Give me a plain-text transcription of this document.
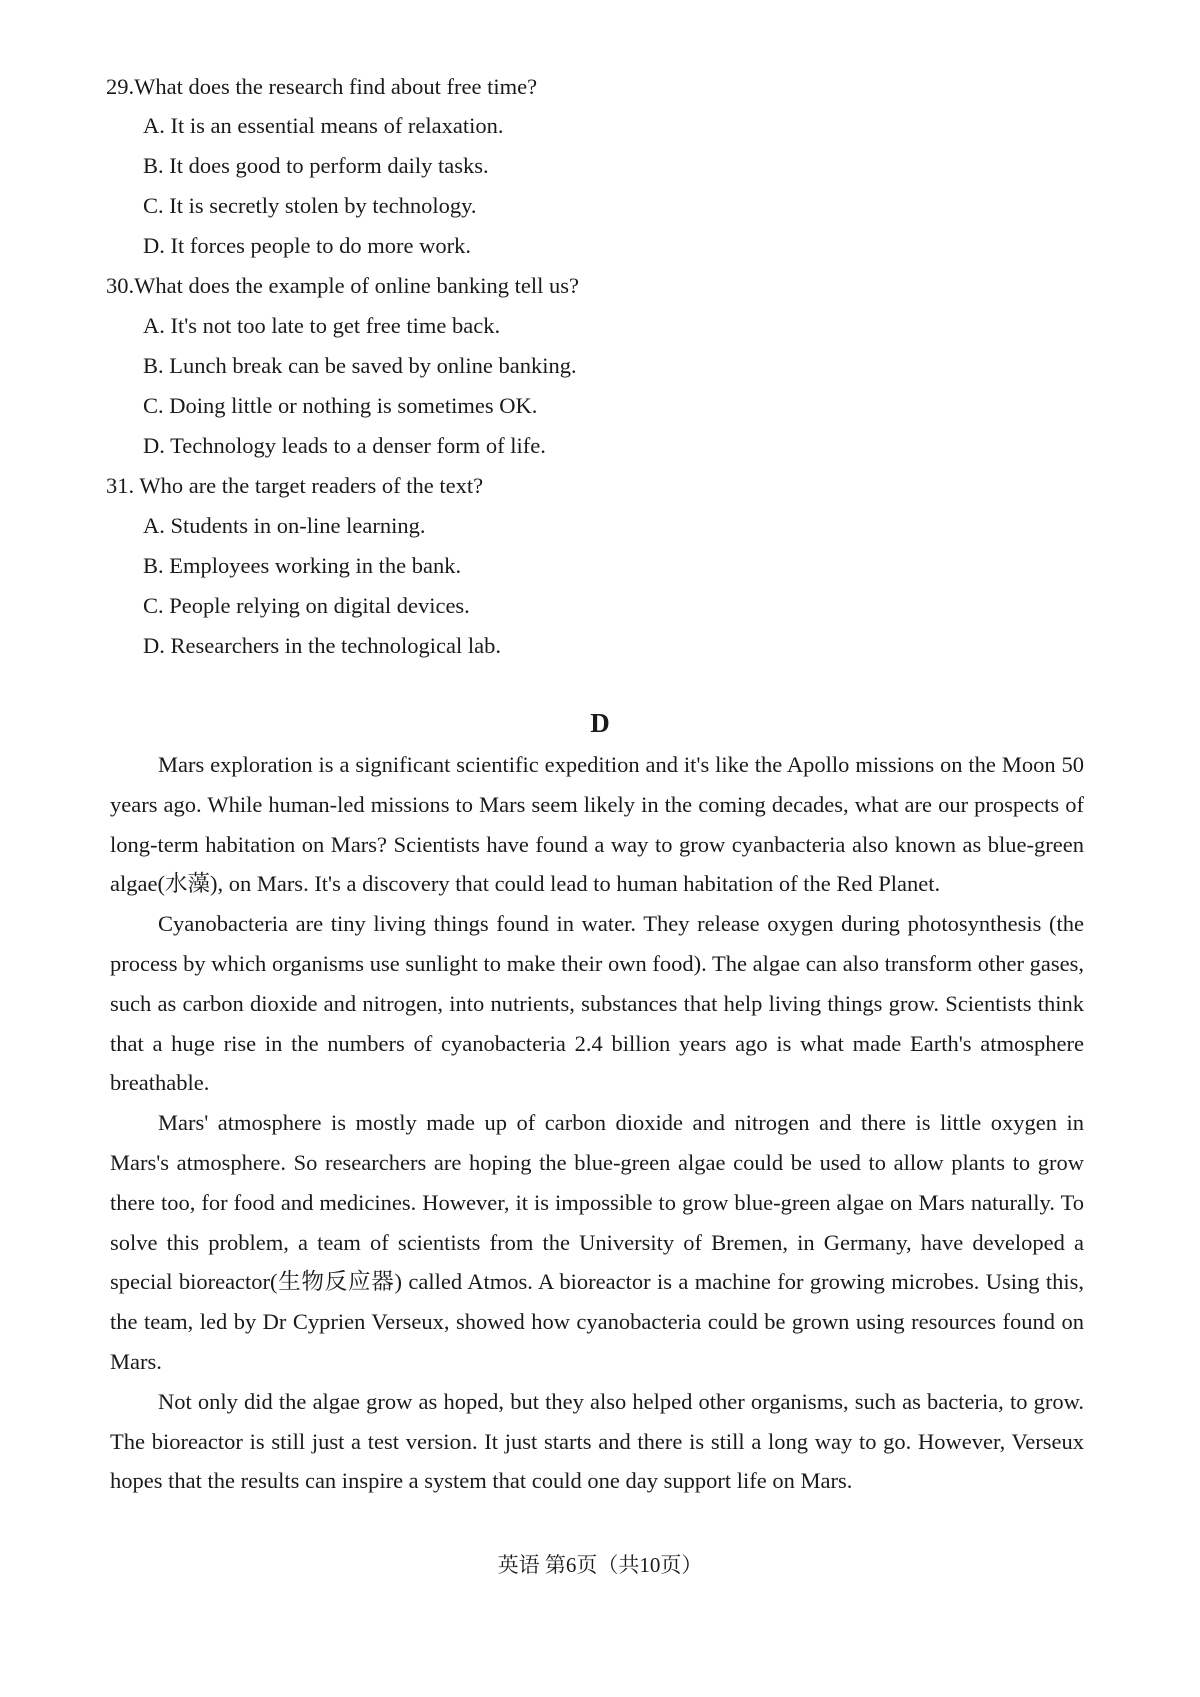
29.What does the research find about free time?
A. It is an essential means of relaxation.
B. It does good to perform daily tasks.
C. It is secretly stolen by technology.
D. It forces people to do more work.
30.What does the example of online banking tell us?
A. It's not too late to get free time back.
B. Lunch break can be saved by online banking.
C. Doing little or nothing is sometimes OK.
D. Technology leads to a denser form of life.
31. Who are the target readers of the text?
A. Students in on-line learning.
B. Employees working in the bank.
C. People relying on digital devices.
D. Researchers in the technological lab.
D

Mars exploration is a significant scientific expedition and it's like the Apollo missions on the Moon 50 years ago. While human-led missions to Mars seem likely in the coming decades, what are our prospects of long-term habitation on Mars? Scientists have found a way to grow cyanbacteria also known as blue-green algae(水藻), on Mars. It's a discovery that could lead to human habitation of the Red Planet.

Cyanobacteria are tiny living things found in water. They release oxygen during photosynthesis (the process by which organisms use sunlight to make their own food). The algae can also transform other gases, such as carbon dioxide and nitrogen, into nutrients, substances that help living things grow. Scientists think that a huge rise in the numbers of cyanobacteria 2.4 billion years ago is what made Earth's atmosphere breathable.

Mars' atmosphere is mostly made up of carbon dioxide and nitrogen and there is little oxygen in Mars's atmosphere. So researchers are hoping the blue-green algae could be used to allow plants to grow there too, for food and medicines. However, it is impossible to grow blue-green algae on Mars naturally. To solve this problem, a team of scientists from the University of Bremen, in Germany, have developed a special bioreactor(生物反应器) called Atmos. A bioreactor is a machine for growing microbes. Using this, the team, led by Dr Cyprien Verseux, showed how cyanobacteria could be grown using resources found on Mars.

Not only did the algae grow as hoped, but they also helped other organisms, such as bacteria, to grow. The bioreactor is still just a test version. It just starts and there is still a long way to go. However, Verseux hopes that the results can inspire a system that could one day support life on Mars.

英语 第6页（共10页）
